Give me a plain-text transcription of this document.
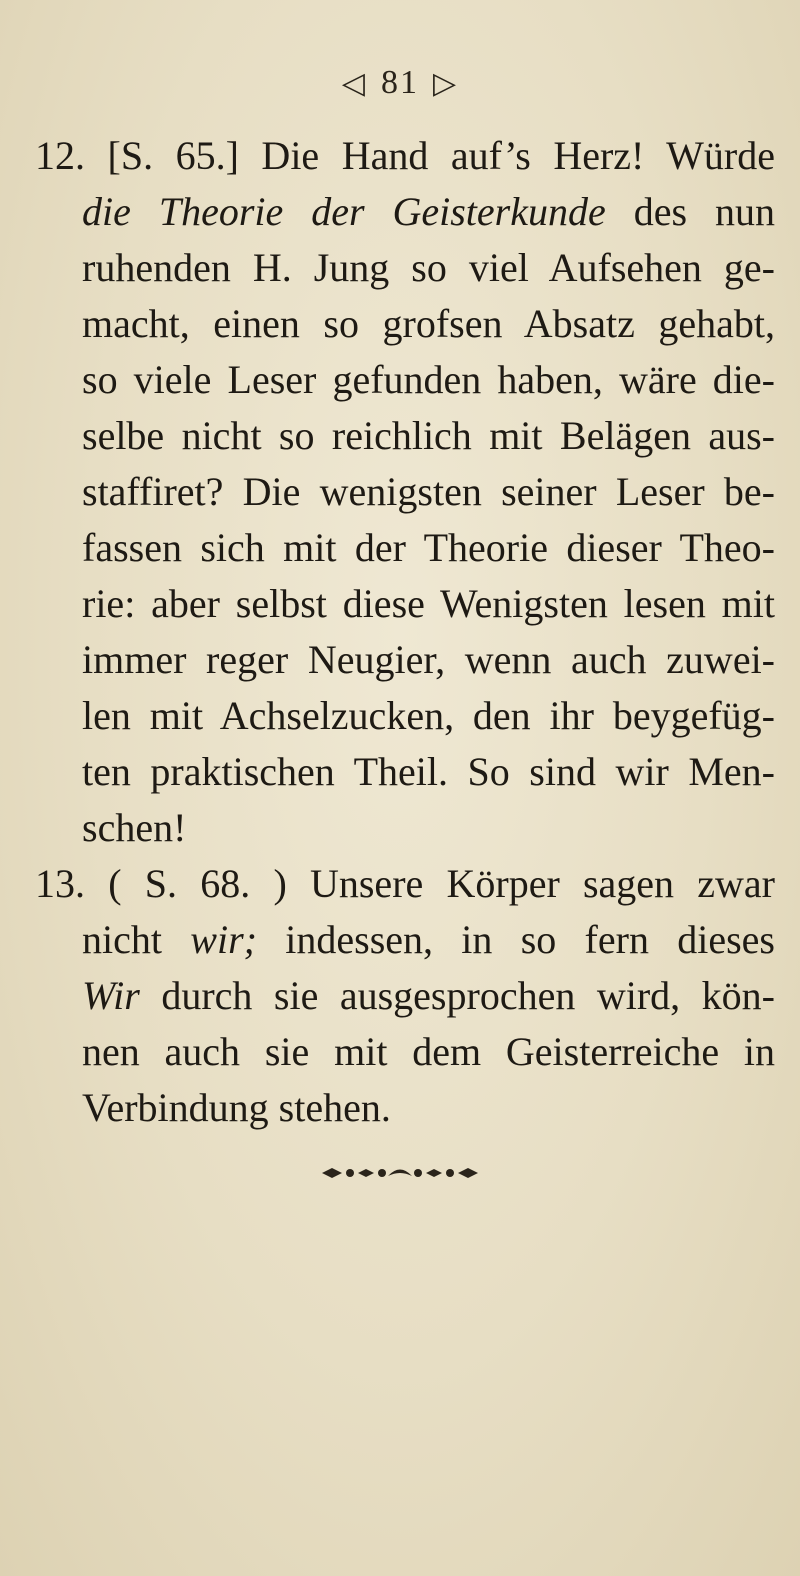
◁ 81 ▷
12. [S. 65.] Die Hand auf’s Herz! Würde
die Theorie der Geisterkunde des nun
ruhenden H. Jung so viel Aufsehen ge-
macht, einen so grofsen Absatz gehabt,
so viele Leser gefunden haben, wäre die-
selbe nicht so reichlich mit Belägen aus-
staffiret? Die wenigsten seiner Leser be-
fassen sich mit der Theorie dieser Theo-
rie: aber selbst diese Wenigsten lesen mit
immer reger Neugier, wenn auch zuwei-
len mit Achselzucken, den ihr beygefüg-
ten praktischen Theil. So sind wir Men-
schen!
13. ( S. 68. ) Unsere Körper sagen zwar
nicht wir; indessen, in so fern dieses
Wir durch sie ausgesprochen wird, kön-
nen auch sie mit dem Geisterreiche in
Verbindung stehen.
